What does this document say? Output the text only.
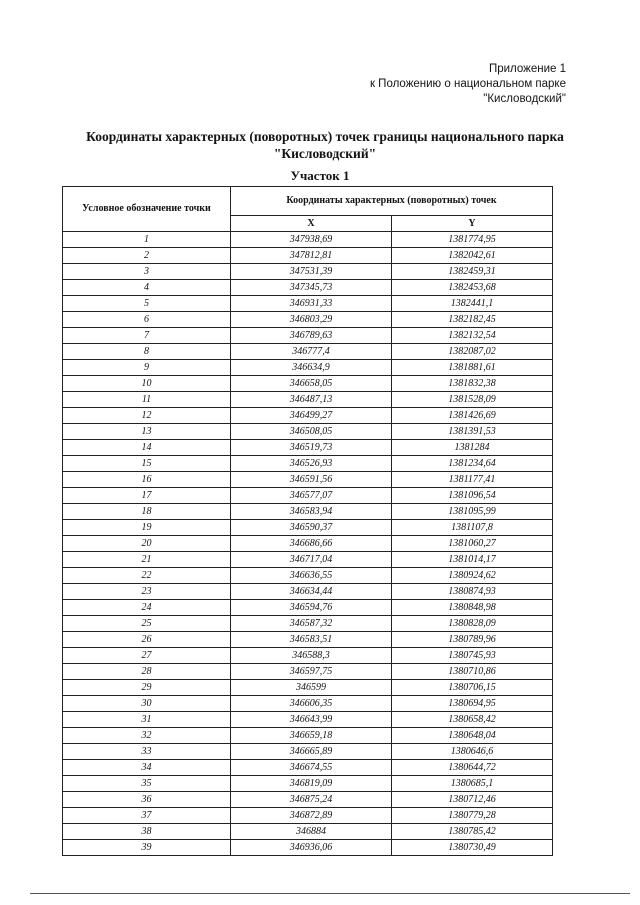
Приложение 1
к Положению о национальном парке
"Кисловодский"
Координаты характерных (поворотных) точек границы национального парка
"Кисловодский"
Участок 1
Условное обозначение точки	Координаты характерных (поворотных) точек	
	X	Y
1	347938,69	1381774,95
2	347812,81	1382042,61
3	347531,39	1382459,31
4	347345,73	1382453,68
5	346931,33	1382441,1
6	346803,29	1382182,45
7	346789,63	1382132,54
8	346777,4	1382087,02
9	346634,9	1381881,61
10	346658,05	1381832,38
11	346487,13	1381528,09
12	346499,27	1381426,69
13	346508,05	1381391,53
14	346519,73	1381284
15	346526,93	1381234,64
16	346591,56	1381177,41
17	346577,07	1381096,54
18	346583,94	1381095,99
19	346590,37	1381107,8
20	346686,66	1381060,27
21	346717,04	1381014,17
22	346636,55	1380924,62
23	346634,44	1380874,93
24	346594,76	1380848,98
25	346587,32	1380828,09
26	346583,51	1380789,96
27	346588,3	1380745,93
28	346597,75	1380710,86
29	346599	1380706,15
30	346606,35	1380694,95
31	346643,99	1380658,42
32	346659,18	1380648,04
33	346665,89	1380646,6
34	346674,55	1380644,72
35	346819,09	1380685,1
36	346875,24	1380712,46
37	346872,89	1380779,28
38	346884	1380785,42
39	346936,06	1380730,49
